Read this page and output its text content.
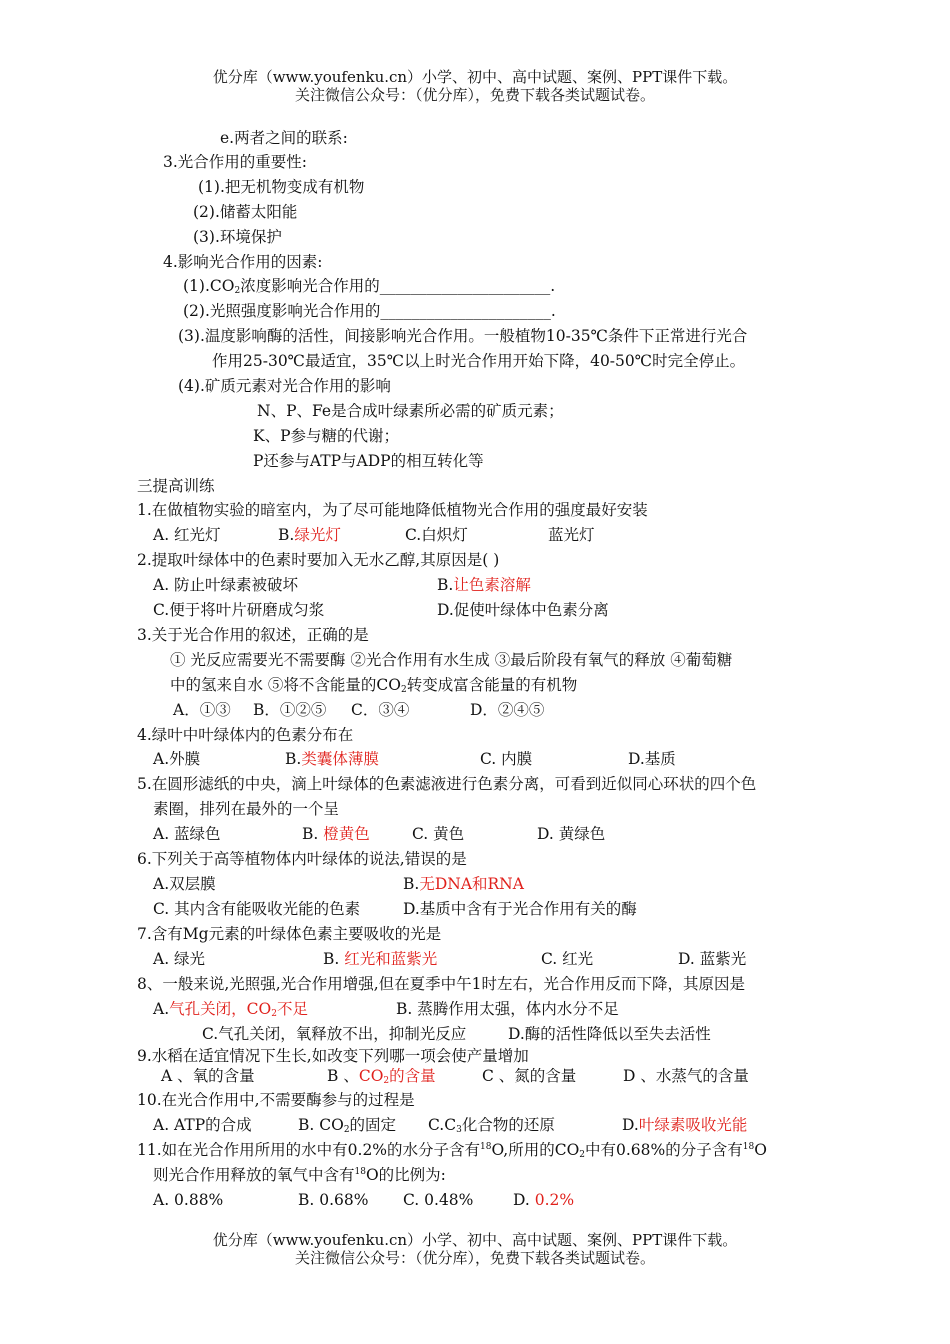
优分库（www.youfenku.cn）小学、初中、高中试题、案例、PPT课件下载。
关注微信公众号：（优分库），免费下载各类试题试卷。
e.两者之间的联系:
3.光合作用的重要性:
(1).把无机物变成有机物
(2).储蓄太阳能
(3).环境保护
4.影响光合作用的因素:
$(1).CO_2$浓度影响光合作用的______________________.
(2).光照强度影响光合作用的______________________.
(3).温度影响酶的活性，间接影响光合作用。一般植物10-35℃条件下正常进行光合
作用25-30℃最适宜，35℃以上时光合作用开始下降，40-50℃时完全停止。
(4).矿质元素对光合作用的影响
N、P、Fe是合成叶绿素所必需的矿质元素；
K、P参与糖的代谢；
P还参与ATP与ADP的相互转化等
三提高训练
1.在做植物实验的暗室内，为了尽可能地降低植物光合作用的强度最好安装
A. 红光灯	B.绿光灯	C.白炽灯	蓝光灯
2.提取叶绿体中的色素时要加入无水乙醇,其原因是( )
A. 防止叶绿素被破坏	B.让色素溶解
C.便于将叶片研磨成匀浆	D.促使叶绿体中色素分离
3.关于光合作用的叙述，正确的是
① 光反应需要光不需要酶 ②光合作用有水生成 ③最后阶段有氧气的释放 ④葡萄糖
中的氢来自水 ⑤将不含能量的$CO_2$转变成富含能量的有机物
A．①③ B．①②⑤ C．③④	D．②④⑤
4.绿叶中叶绿体内的色素分布在
A.外膜	B.类囊体薄膜	C. 内膜	D.基质
5.在圆形滤纸的中央，滴上叶绿体的色素滤液进行色素分离，可看到近似同心环状的四个色
素圈，排列在最外的一个呈
A. 蓝绿色	B. 橙黄色	C. 黄色	D. 黄绿色
6.下列关于高等植物体内叶绿体的说法,错误的是
A.双层膜	B.无DNA和RNA
C. 其内含有能吸收光能的色素	D.基质中含有于光合作用有关的酶
7.含有Mg元素的叶绿体色素主要吸收的光是
A. 绿光	B. 红光和蓝紫光	C. 红光	D. 蓝紫光
8、一般来说,光照强,光合作用增强,但在夏季中午1时左右，光合作用反而下降，其原因是
A.气孔关闭，$CO_2$不足	B. 蒸腾作用太强，体内水分不足
C.气孔关闭，氧释放不出，抑制光反应	D.酶的活性降低以至失去活性
9.水稻在适宜情况下生长,如改变下列哪一项会使产量增加
A 、氧的含量	B 、$CO_2$的含量	C 、氮的含量	D 、水蒸气的含量
10.在光合作用中,不需要酶参与的过程是
A. ATP的合成	B. $CO_2$的固定 $C.C_3$化合物的还原	D.叶绿素吸收光能
11.如在光合作用所用的水中有0.2%的水分子含有$^{18}$O,所用的$CO_2$中有0.68%的分子含有$^{18}$O
则光合作用释放的氧气中含有$^{18}$O的比例为:
A. 0.88%	B. 0.68% C. 0.48%	D. 0.2%
优分库（www.youfenku.cn）小学、初中、高中试题、案例、PPT课件下载。
关注微信公众号：（优分库），免费下载各类试题试卷。
